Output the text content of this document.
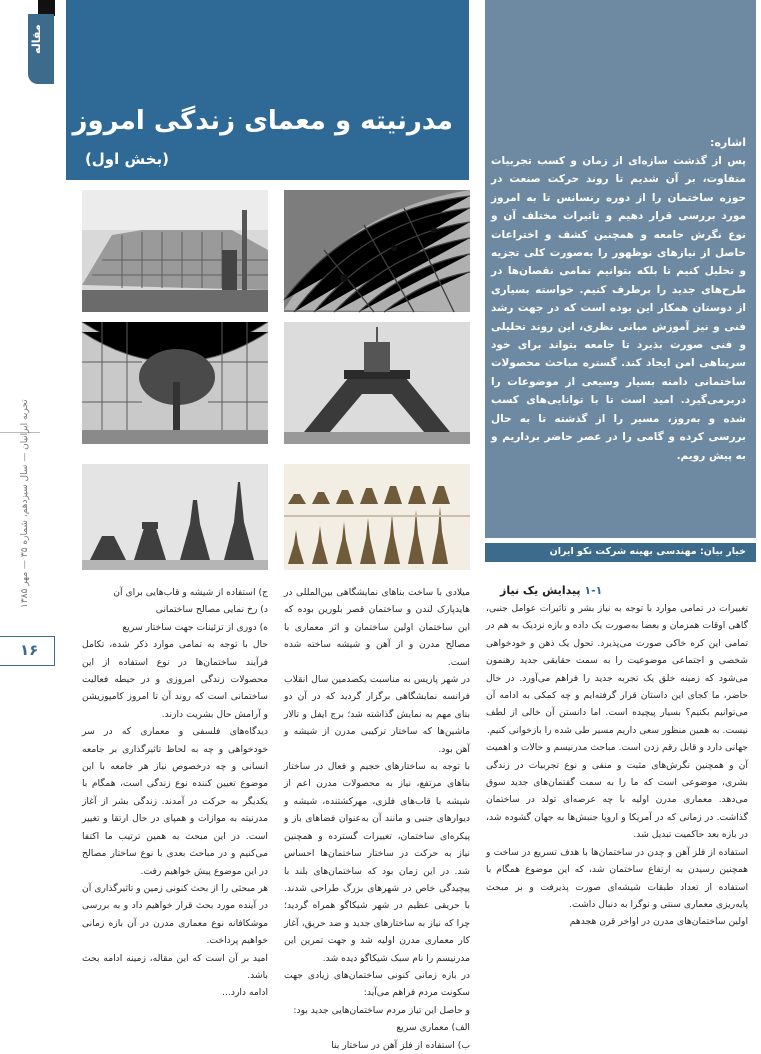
مقاله
تجربه ایرانیان — سال سیزدهم، شماره ۳۵ — مهر ۱۳۸۵
۱۶
مدرنیته و معمای زندگی امروز
(بخش اول)
اشاره:
پس از گذشت سازه‌ای از زمان و کسب تجربیات متفاوت، بر آن شدیم تا روند حرکت صنعت در حوزه ساختمان را از دوره رنسانس تا به امروز مورد بررسی قرار دهیم و تاثیرات مختلف آن و نوع نگرش جامعه و همچنین کشف و اختراعات حاصل از نیازهای نوظهور را به‌صورت کلی تجزیه و تحلیل کنیم تا بلکه بتوانیم تمامی نقصان‌ها در طرح‌های جدید را برطرف کنیم. خواسته بسیاری از دوستان همکار این بوده است که در جهت رشد فنی و نیز آموزش مبانی نظری، این روند تحلیلی و فنی صورت بذیرد تا جامعه بتواند برای خود سرپناهی امن ایجاد کند. گستره مباحث محصولات ساختمانی دامنه بسیار وسیعی از موضوعات را دربرمی‌گیرد. امید است تا با توانایی‌های کسب شده و به‌روز، مسیر را از گذشته تا به حال بررسی کرده و گامی را در عصر حاضر برداریم و به پیش رویم.
خیار بیان: مهندسی بهینه شرکت نکو ایران
۱-۱ پیدایش یک نیاز

تغییرات در تمامی موارد با توجه به نیاز بشر و تاثیرات عوامل جنبی، گاهی اوقات همزمان و بعضا به‌صورت یک داده و بازه نزدیک به هم در تمامی این کره خاکی صورت می‌پذیرد. تحول یک ذهن و خودخواهی شخصی و اجتماعی موضوعیت را به سمت حقایقی جدید رهنمون می‌شود که زمینه خلق یک تجربه جدید را فراهم می‌آورد. در حال حاضر، ما کجای این داستان قرار گرفته‌ایم و چه کمکی به ادامه آن می‌توانیم بکنیم؟ بسیار پیچیده است. اما دانستن آن خالی از لطف نیست. به همین منظور سعی داریم مسیر طی شده را بازخوانی کنیم.

جهانی دارد و قابل رقم زدن است. مباحث مدرنیسم و حالات و اهمیت آن و همچنین نگرش‌های مثبت و منفی و نوع تجربیات در زندگی بشری، موضوعی است که ما را به سمت گفتمان‌های جدید سوق می‌دهد. معماری مدرن اولیه با چه عرصه‌ای تولد در ساختمان گذاشت. در زمانی که در آمریکا و اروپا جنبش‌ها به جهان گشوده شد، در بازه بعد حاکمیت تبدیل شد.

استفاده از فلز آهن و چدن در ساختمان‌ها با هدف تسریع در ساخت و همچنین رسیدن به ارتفاع ساختمان شد، که این موضوع همگام با استفاده از تعداد طبقات شیشه‌ای صورت پذیرفت و بر مبحث پایه‌ریزی معماری سنتی و نوگرا به دنبال داشت.

اولین ساختمان‌های مدرن در اواخر قرن هجدهم

میلادی با ساخت بناهای نمایشگاهی بین‌المللی در هایدپارک لندن و ساختمان قصر بلورین بوده که این ساختمان اولین ساختمان و اثر معماری با مصالح مدرن و از آهن و شیشه ساخته شده است.

در شهر پاریس به مناسبت یکصدمین سال انقلاب فرانسه نمایشگاهی برگزار گردید که در آن دو بنای مهم به نمایش گذاشته شد؛ برج ایفل و تالار ماشین‌ها که ساختار ترکیبی مدرن از شیشه و آهن بود.

با توجه به ساختارهای حجیم و فعال در ساختار بناهای مرتفع، نیاز به محصولات مدرن اعم از شیشه با قاب‌های فلزی، مهرکشتنده، شیشه و دیوارهای جنبی و مانند آن به‌عنوان فضاهای باز و پیکره‌ای ساختمان، تغییرات گسترده و همچنین نیاز به حرکت در ساختار ساختمان‌ها احساس شد. در این زمان بود که ساختمان‌های بلند با پیچیدگی خاص در شهرهای بزرگ طراحی شدند. با حریقی عظیم در شهر شیکاگو همراه گردید؛ چرا که نیاز به ساختارهای جدید و ضد حریق، آغاز کار معماری مدرن اولیه شد و جهت تمرین این مدرنیسم را نام سبک شیکاگو دیده شد.

در بازه زمانی کنونی ساختمان‌های زیادی جهت سکونت مردم فراهم می‌آید:

و حاصل این تیاز مردم ساختمان‌هایی جدید بود:

الف) معماری سریع

ب) استفاده از فلز آهن در ساختار بنا

ج) استفاده از شیشه و قاب‌هایی برای آن

د) رخ نمایی مصالح ساختمانی

ه) دوری از تزئینات جهت ساختار سریع

حال با توجه به تمامی موارد ذکر شده، تکامل فرآیند ساختمان‌ها در نوع استفاده از این محصولات زندگی امروزی و در حیطه فعالیت ساختمانی است که روند آن تا امروز کامپوزیشن و آرامش حال بشریت دارند.

دیدگاه‌های فلسفی و معماری که در سر خودخواهی و چه به لحاظ تاثیرگذاری بر جامعه انسانی و چه درخصوص نیاز هر جامعه با این موضوع تعیین کننده نوع زندگی است، همگام با یکدیگر به حرکت در آمدند. زندگی بشر از آغاز مدرنیته به موازات و همپای در حال ارتقا و تغییر است. در این مبحث به همین ترتیب ما اکتفا می‌کنیم و در مباحث بعدی با نوع ساختار مصالح در این موضوع پیش خواهیم رفت.

هر مبحثی را از بحث کنونی زمین و تاثیرگذاری آن در آینده مورد بحث قرار خواهیم داد و به بررسی موشکافانه نوع معماری مدرن در آن بازه زمانی خواهیم پرداخت.

امید بر آن است که این مقاله، زمینه ادامه بحث باشد.

ادامه دارد...
